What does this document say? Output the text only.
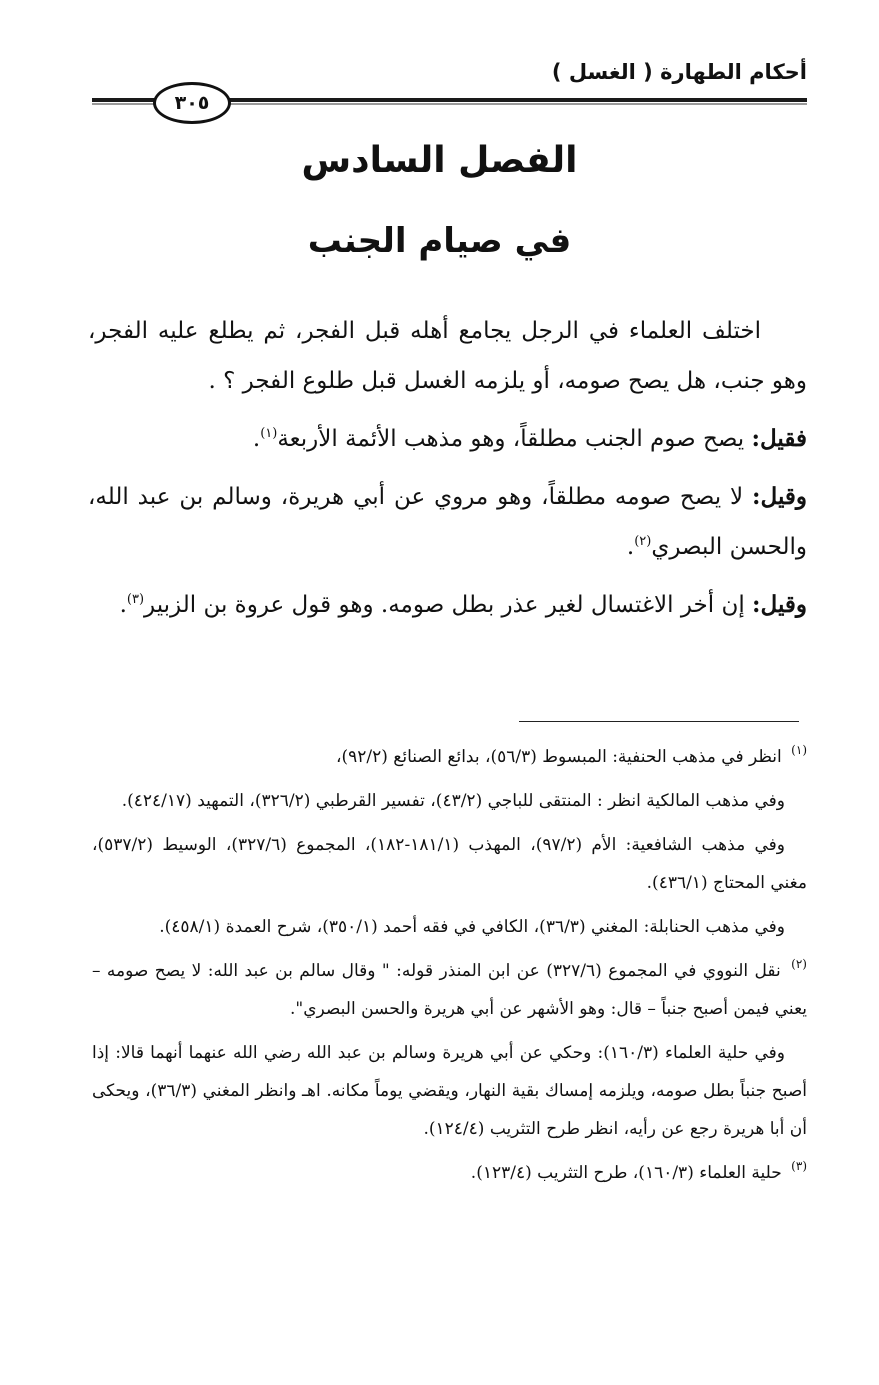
أحكام الطهارة ( الغسل )
٣٠٥
الفصل السادس
في صيام الجنب

اختلف العلماء في الرجل يجامع أهله قبل الفجر، ثم يطلع عليه الفجر، وهو جنب، هل يصح صومه، أو يلزمه الغسل قبل طلوع الفجر ؟ .

فقيل: يصح صوم الجنب مطلقاً، وهو مذهب الأئمة الأربعة$^{(١)}$.

وقيل: لا يصح صومه مطلقاً، وهو مروي عن أبي هريرة، وسالم بن عبد الله، والحسن البصري$^{(٢)}$.

وقيل: إن أخر الاغتسال لغير عذر بطل صومه. وهو قول عروة بن الزبير$^{(٣)}$.

$^{(١)}$ انظر في مذهب الحنفية: المبسوط (٥٦/٣)، بدائع الصنائع (٩٢/٢)،

وفي مذهب المالكية انظر : المنتقى للباجي (٤٣/٢)، تفسير القرطبي (٣٢٦/٢)، التمهيد (٤٢٤/١٧).

وفي مذهب الشافعية: الأم (٩٧/٢)، المهذب (١٨١/١-١٨٢)، المجموع (٣٢٧/٦)، الوسيط (٥٣٧/٢)، مغني المحتاج (٤٣٦/١).

وفي مذهب الحنابلة: المغني (٣٦/٣)، الكافي في فقه أحمد (٣٥٠/١)، شرح العمدة (٤٥٨/١).

$^{(٢)}$ نقل النووي في المجموع (٣٢٧/٦) عن ابن المنذر قوله: " وقال سالم بن عبد الله: لا يصح صومه – يعني فيمن أصبح جنباً – قال: وهو الأشهر عن أبي هريرة والحسن البصري".

وفي حلية العلماء (١٦٠/٣): وحكي عن أبي هريرة وسالم بن عبد الله رضي الله عنهما أنهما قالا: إذا أصبح جنباً بطل صومه، ويلزمه إمساك بقية النهار، ويقضي يوماً مكانه. اهـ وانظر المغني (٣٦/٣)، ويحكى أن أبا هريرة رجع عن رأيه، انظر طرح التثريب (١٢٤/٤).

$^{(٣)}$ حلية العلماء (١٦٠/٣)، طرح التثريب (١٢٣/٤).
